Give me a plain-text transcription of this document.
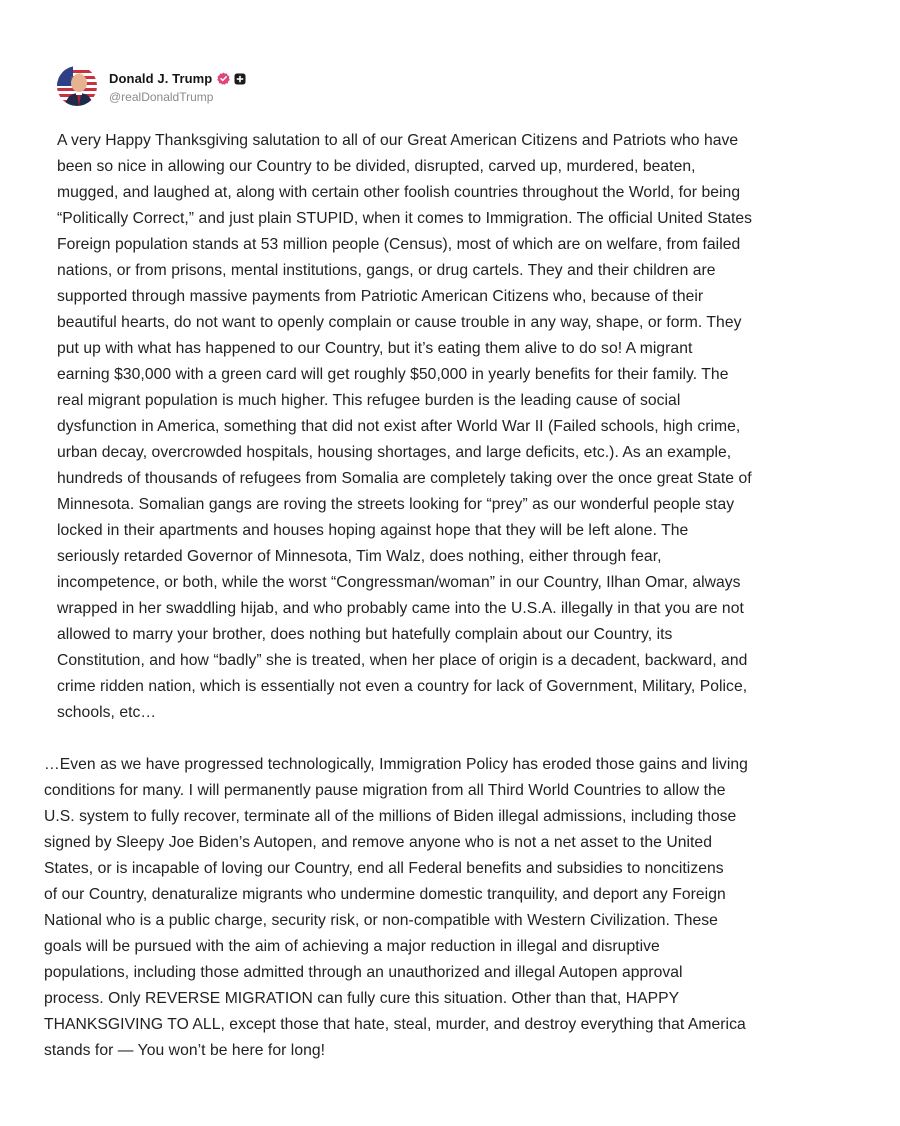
Donald J. Trump
@realDonaldTrump

A very Happy Thanksgiving salutation to all of our Great American Citizens and Patriots who have
been so nice in allowing our Country to be divided, disrupted, carved up, murdered, beaten,
mugged, and laughed at, along with certain other foolish countries throughout the World, for being
“Politically Correct,” and just plain STUPID, when it comes to Immigration. The official United States
Foreign population stands at 53 million people (Census), most of which are on welfare, from failed
nations, or from prisons, mental institutions, gangs, or drug cartels. They and their children are
supported through massive payments from Patriotic American Citizens who, because of their
beautiful hearts, do not want to openly complain or cause trouble in any way, shape, or form. They
put up with what has happened to our Country, but it’s eating them alive to do so! A migrant
earning $30,000 with a green card will get roughly $50,000 in yearly benefits for their family. The
real migrant population is much higher. This refugee burden is the leading cause of social
dysfunction in America, something that did not exist after World War II (Failed schools, high crime,
urban decay, overcrowded hospitals, housing shortages, and large deficits, etc.). As an example,
hundreds of thousands of refugees from Somalia are completely taking over the once great State of
Minnesota. Somalian gangs are roving the streets looking for “prey” as our wonderful people stay
locked in their apartments and houses hoping against hope that they will be left alone. The
seriously retarded Governor of Minnesota, Tim Walz, does nothing, either through fear,
incompetence, or both, while the worst “Congressman/woman” in our Country, Ilhan Omar, always
wrapped in her swaddling hijab, and who probably came into the U.S.A. illegally in that you are not
allowed to marry your brother, does nothing but hatefully complain about our Country, its
Constitution, and how “badly” she is treated, when her place of origin is a decadent, backward, and
crime ridden nation, which is essentially not even a country for lack of Government, Military, Police,
schools, etc…

…Even as we have progressed technologically, Immigration Policy has eroded those gains and living
conditions for many. I will permanently pause migration from all Third World Countries to allow the
U.S. system to fully recover, terminate all of the millions of Biden illegal admissions, including those
signed by Sleepy Joe Biden’s Autopen, and remove anyone who is not a net asset to the United
States, or is incapable of loving our Country, end all Federal benefits and subsidies to noncitizens
of our Country, denaturalize migrants who undermine domestic tranquility, and deport any Foreign
National who is a public charge, security risk, or non-compatible with Western Civilization. These
goals will be pursued with the aim of achieving a major reduction in illegal and disruptive
populations, including those admitted through an unauthorized and illegal Autopen approval
process. Only REVERSE MIGRATION can fully cure this situation. Other than that, HAPPY
THANKSGIVING TO ALL, except those that hate, steal, murder, and destroy everything that America
stands for — You won’t be here for long!
